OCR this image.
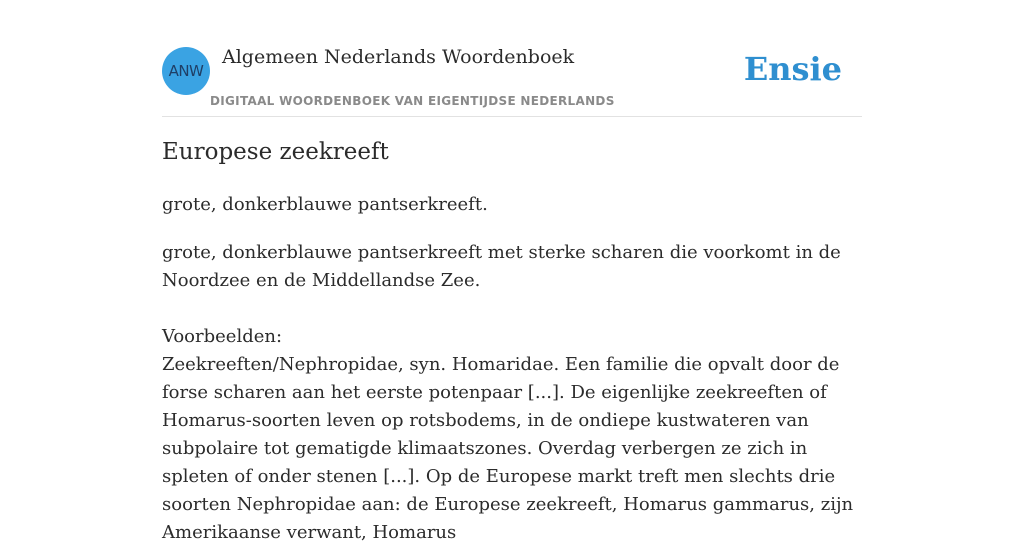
ANW
Algemeen Nederlands Woordenboek
DIGITAAL WOORDENBOEK VAN EIGENTIJDSE NEDERLANDS
Ensie
Europese zeekreeft
grote, donkerblauwe pantserkreeft.

grote, donkerblauwe pantserkreeft met sterke scharen die voorkomt in de Noordzee en de Middellandse Zee.

Voorbeelden:

Zeekreeften/Nephropidae, syn. Homaridae. Een familie die opvalt door de forse scharen aan het eerste potenpaar [...]. De eigenlijke zeekreeften of Homarus-soorten leven op rotsbodems, in de ondiepe kustwateren van subpolaire tot gematigde klimaatszones. Overdag verbergen ze zich in spleten of onder stenen [...]. Op de Europese markt treft men slechts drie soorten Nephropidae aan: de Europese zeekreeft, Homarus gammarus, zijn Amerikaanse verwant, Homarus
